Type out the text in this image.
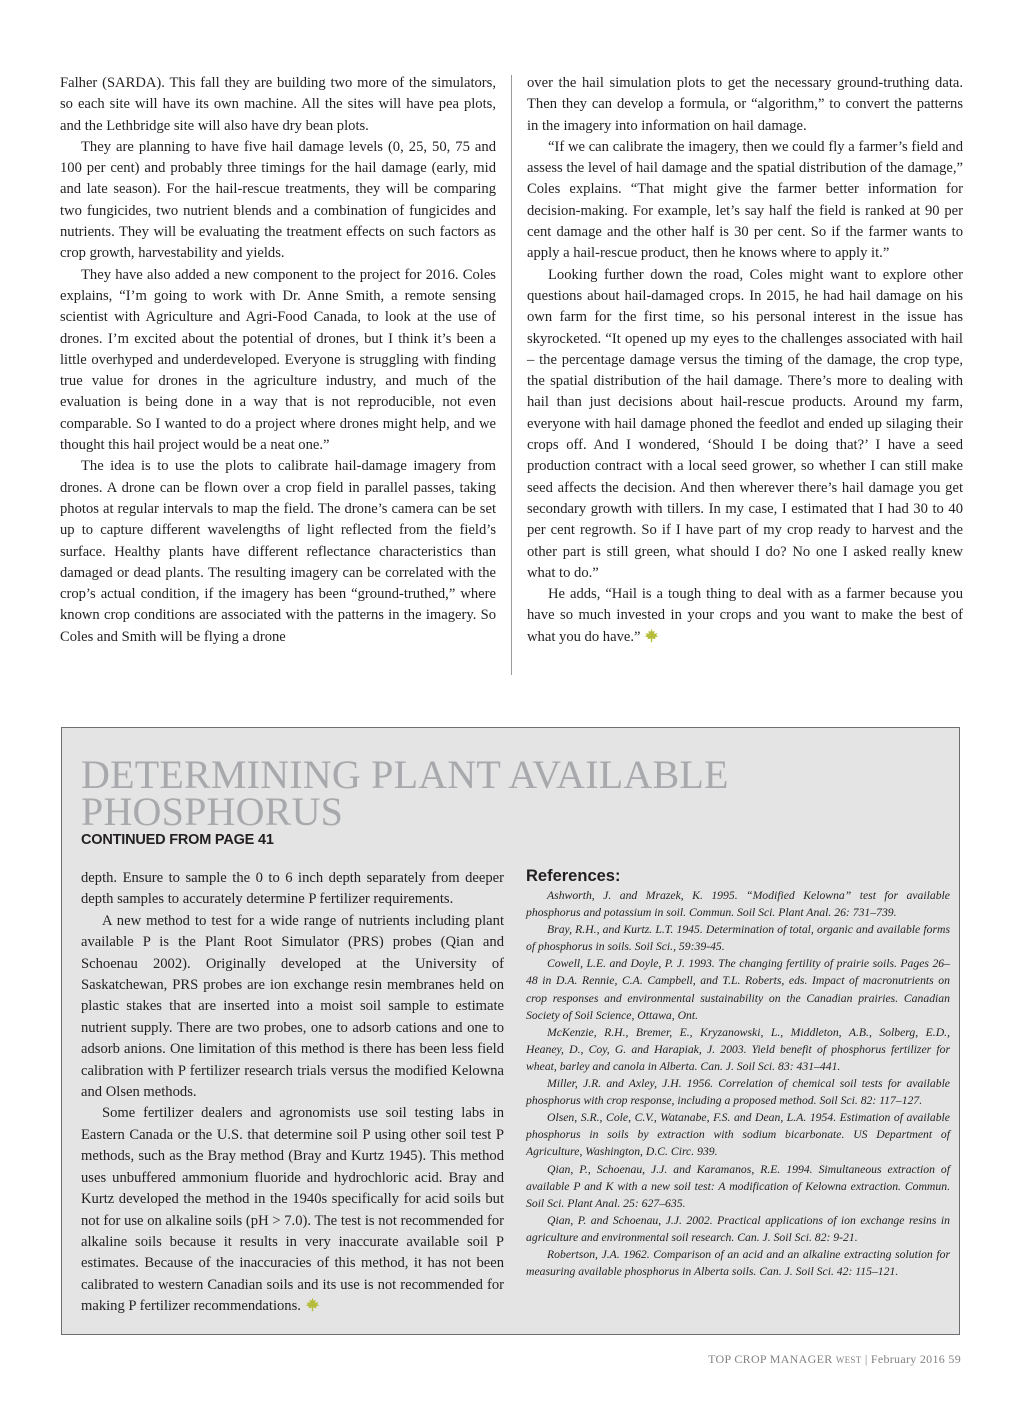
Falher (SARDA). This fall they are building two more of the simulators, so each site will have its own machine. All the sites will have pea plots, and the Lethbridge site will also have dry bean plots.

They are planning to have five hail damage levels (0, 25, 50, 75 and 100 per cent) and probably three timings for the hail damage (early, mid and late season). For the hail-rescue treatments, they will be comparing two fungicides, two nutrient blends and a combination of fungicides and nutrients. They will be evaluating the treatment effects on such factors as crop growth, harvestability and yields.

They have also added a new component to the project for 2016. Coles explains, “I’m going to work with Dr. Anne Smith, a remote sensing scientist with Agriculture and Agri-Food Canada, to look at the use of drones. I’m excited about the potential of drones, but I think it’s been a little overhyped and underdeveloped. Everyone is struggling with finding true value for drones in the agriculture industry, and much of the evaluation is being done in a way that is not reproducible, not even comparable. So I wanted to do a project where drones might help, and we thought this hail project would be a neat one.”

The idea is to use the plots to calibrate hail-damage imagery from drones. A drone can be flown over a crop field in parallel passes, taking photos at regular intervals to map the field. The drone’s camera can be set up to capture different wavelengths of light reflected from the field’s surface. Healthy plants have different reflectance characteristics than damaged or dead plants. The resulting imagery can be correlated with the crop’s actual condition, if the imagery has been “ground-truthed,” where known crop conditions are associated with the patterns in the imagery. So Coles and Smith will be flying a drone

over the hail simulation plots to get the necessary ground-truthing data. Then they can develop a formula, or “algorithm,” to convert the patterns in the imagery into information on hail damage.

“If we can calibrate the imagery, then we could fly a farmer’s field and assess the level of hail damage and the spatial distribution of the damage,” Coles explains. “That might give the farmer better information for decision-making. For example, let’s say half the field is ranked at 90 per cent damage and the other half is 30 per cent. So if the farmer wants to apply a hail-rescue product, then he knows where to apply it.”

Looking further down the road, Coles might want to explore other questions about hail-damaged crops. In 2015, he had hail damage on his own farm for the first time, so his personal interest in the issue has skyrocketed. “It opened up my eyes to the challenges associated with hail – the percentage damage versus the timing of the damage, the crop type, the spatial distribution of the hail damage. There’s more to dealing with hail than just decisions about hail-rescue products. Around my farm, everyone with hail damage phoned the feedlot and ended up silaging their crops off. And I wondered, ‘Should I be doing that?’ I have a seed production contract with a local seed grower, so whether I can still make seed affects the decision. And then wherever there’s hail damage you get secondary growth with tillers. In my case, I estimated that I had 30 to 40 per cent regrowth. So if I have part of my crop ready to harvest and the other part is still green, what should I do? No one I asked really knew what to do.”

He adds, “Hail is a tough thing to deal with as a farmer because you have so much invested in your crops and you want to make the best of what you do have.”

DETERMINING PLANT AVAILABLE
PHOSPHORUS
CONTINUED FROM PAGE 41

depth. Ensure to sample the 0 to 6 inch depth separately from deeper depth samples to accurately determine P fertilizer requirements.

A new method to test for a wide range of nutrients including plant available P is the Plant Root Simulator (PRS) probes (Qian and Schoenau 2002). Originally developed at the University of Saskatchewan, PRS probes are ion exchange resin membranes held on plastic stakes that are inserted into a moist soil sample to estimate nutrient supply. There are two probes, one to adsorb cations and one to adsorb anions. One limitation of this method is there has been less field calibration with P fertilizer research trials versus the modified Kelowna and Olsen methods.

Some fertilizer dealers and agronomists use soil testing labs in Eastern Canada or the U.S. that determine soil P using other soil test P methods, such as the Bray method (Bray and Kurtz 1945). This method uses unbuffered ammonium fluoride and hydrochloric acid. Bray and Kurtz developed the method in the 1940s specifically for acid soils but not for use on alkaline soils (pH > 7.0). The test is not recommended for alkaline soils because it results in very inaccurate available soil P estimates. Because of the inaccuracies of this method, it has not been calibrated to western Canadian soils and its use is not recommended for making P fertilizer recommendations.

References:

Ashworth, J. and Mrazek, K. 1995. “Modified Kelowna” test for available phosphorus and potassium in soil. Commun. Soil Sci. Plant Anal. 26: 731–739.

Bray, R.H., and Kurtz. L.T. 1945. Determination of total, organic and available forms of phosphorus in soils. Soil Sci., 59:39-45.

Cowell, L.E. and Doyle, P. J. 1993. The changing fertility of prairie soils. Pages 26–48 in D.A. Rennie, C.A. Campbell, and T.L. Roberts, eds. Impact of macronutrients on crop responses and environmental sustainability on the Canadian prairies. Canadian Society of Soil Science, Ottawa, Ont.

McKenzie, R.H., Bremer, E., Kryzanowski, L., Middleton, A.B., Solberg, E.D., Heaney, D., Coy, G. and Harapiak, J. 2003. Yield benefit of phosphorus fertilizer for wheat, barley and canola in Alberta. Can. J. Soil Sci. 83: 431–441.

Miller, J.R. and Axley, J.H. 1956. Correlation of chemical soil tests for available phosphorus with crop response, including a proposed method. Soil Sci. 82: 117–127.

Olsen, S.R., Cole, C.V., Watanabe, F.S. and Dean, L.A. 1954. Estimation of available phosphorus in soils by extraction with sodium bicarbonate. US Department of Agriculture, Washington, D.C. Circ. 939.

Qian, P., Schoenau, J.J. and Karamanos, R.E. 1994. Simultaneous extraction of available P and K with a new soil test: A modification of Kelowna extraction. Commun. Soil Sci. Plant Anal. 25: 627–635.

Qian, P. and Schoenau, J.J. 2002. Practical applications of ion exchange resins in agriculture and environmental soil research. Can. J. Soil Sci. 82: 9-21.

Robertson, J.A. 1962. Comparison of an acid and an alkaline extracting solution for measuring available phosphorus in Alberta soils. Can. J. Soil Sci. 42: 115–121.

TOP CROP MANAGER WEST | February 2016 59
